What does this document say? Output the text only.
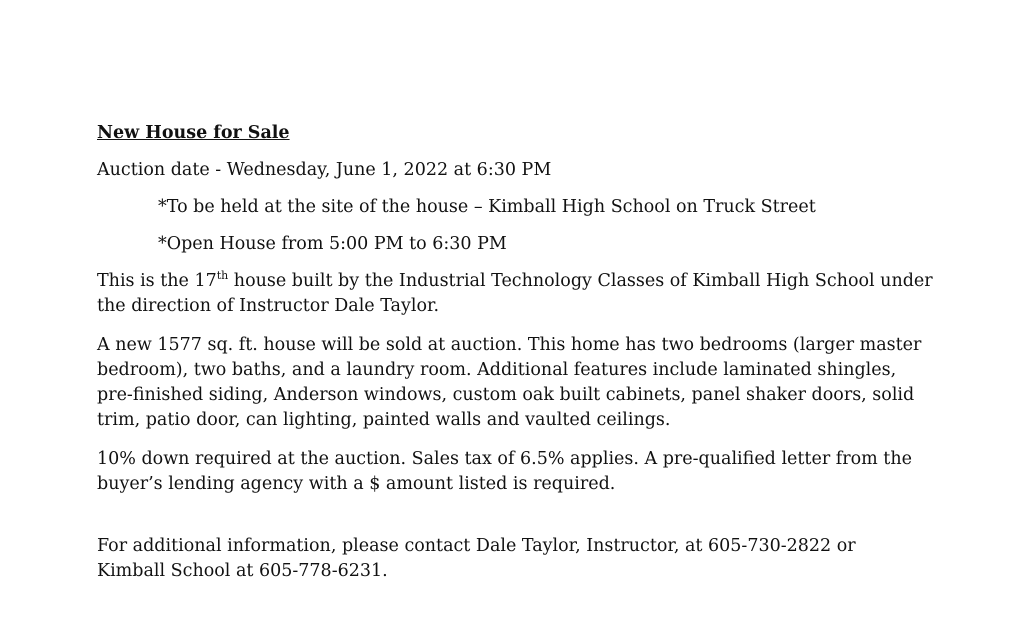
New House for Sale

Auction date - Wednesday, June 1, 2022 at 6:30 PM

*To be held at the site of the house – Kimball High School on Truck Street

*Open House from 5:00 PM to 6:30 PM

This is the 17th house built by the Industrial Technology Classes of Kimball High School under
the direction of Instructor Dale Taylor.

A new 1577 sq. ft. house will be sold at auction. This home has two bedrooms (larger master
bedroom), two baths, and a laundry room. Additional features include laminated shingles,
pre-finished siding, Anderson windows, custom oak built cabinets, panel shaker doors, solid
trim, patio door, can lighting, painted walls and vaulted ceilings.

10% down required at the auction. Sales tax of 6.5% applies. A pre-qualified letter from the
buyer’s lending agency with a $ amount listed is required.

For additional information, please contact Dale Taylor, Instructor, at 605-730-2822 or
Kimball School at 605-778-6231.
